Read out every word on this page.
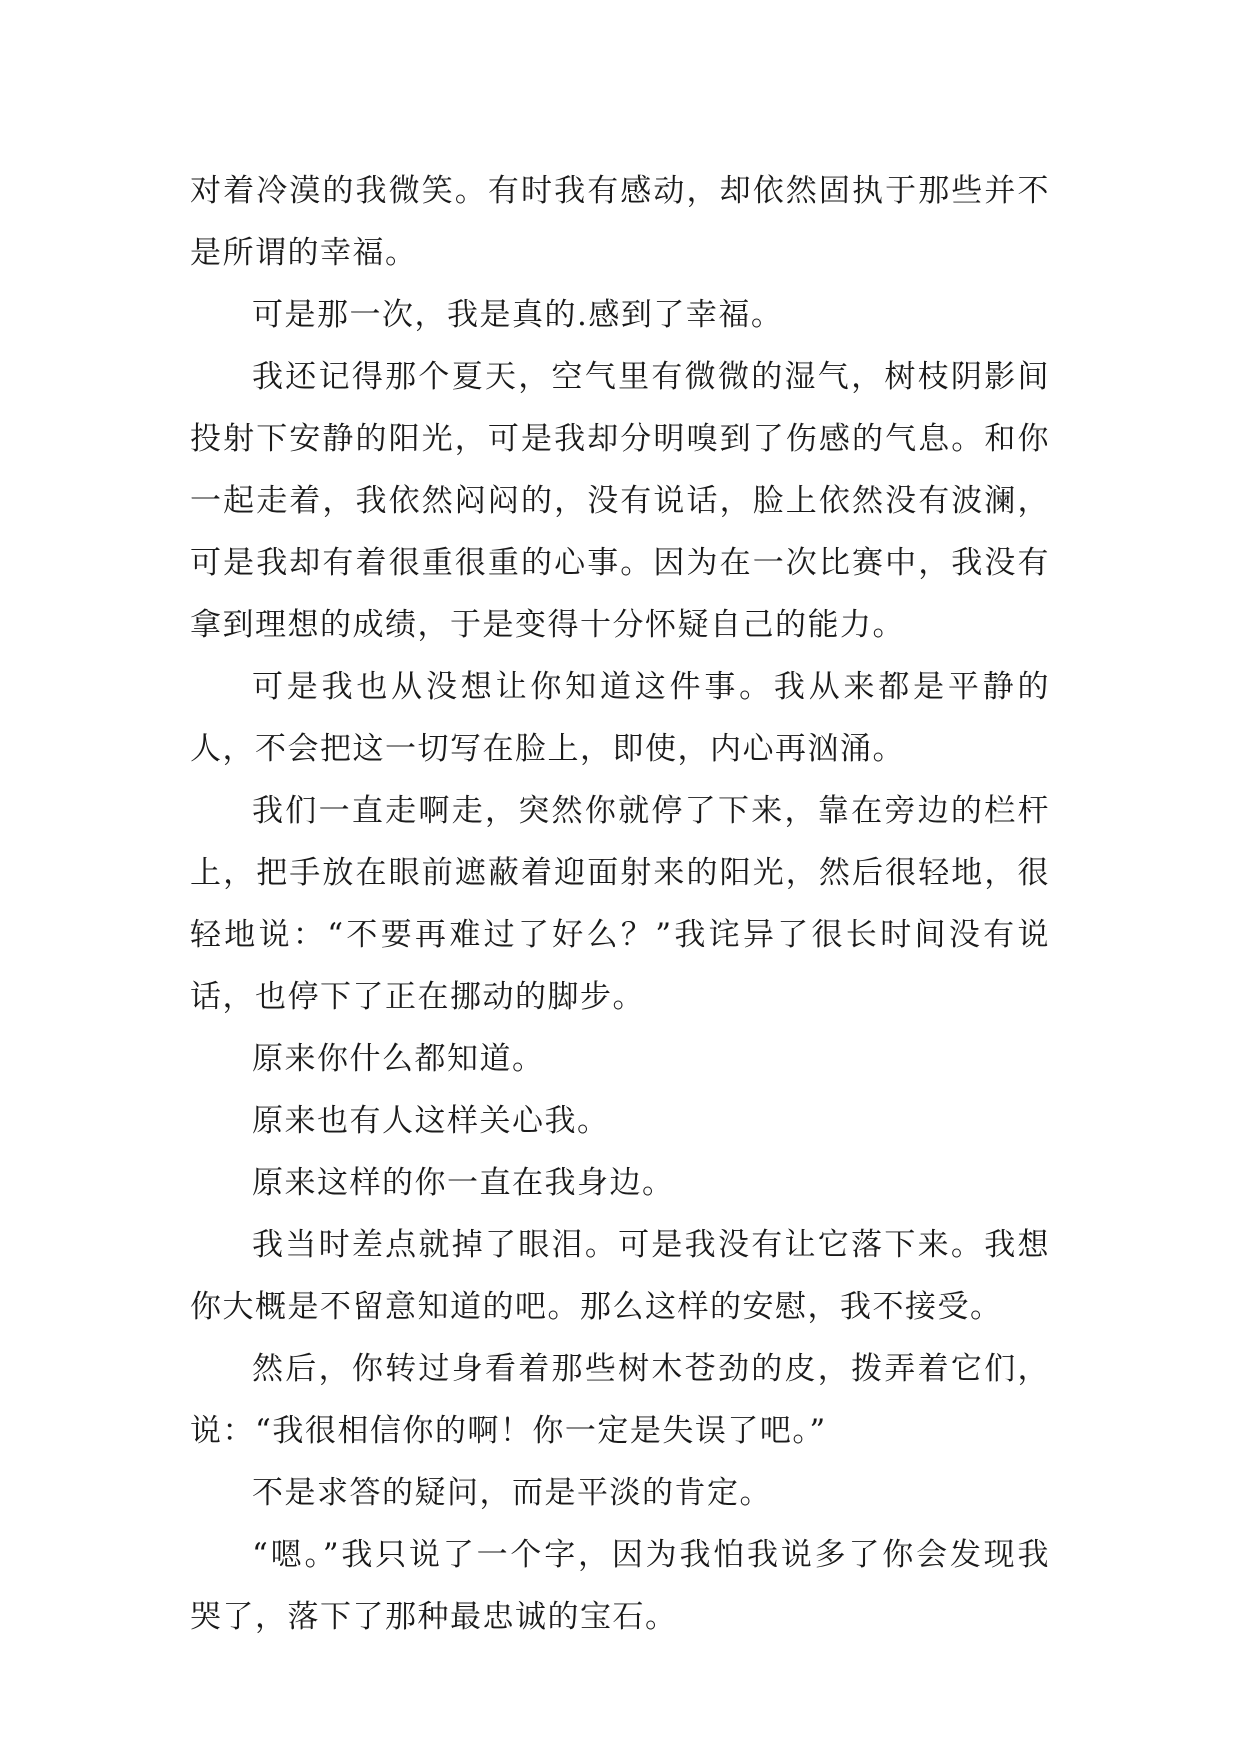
对着冷漠的我微笑。有时我有感动，却依然固执于那些并不是所谓的幸福。

可是那一次，我是真的.感到了幸福。

我还记得那个夏天，空气里有微微的湿气，树枝阴影间投射下安静的阳光，可是我却分明嗅到了伤感的气息。和你一起走着，我依然闷闷的，没有说话，脸上依然没有波澜，可是我却有着很重很重的心事。因为在一次比赛中，我没有拿到理想的成绩，于是变得十分怀疑自己的能力。

可是我也从没想让你知道这件事。我从来都是平静的人，不会把这一切写在脸上，即使，内心再汹涌。

我们一直走啊走，突然你就停了下来，靠在旁边的栏杆上，把手放在眼前遮蔽着迎面射来的阳光，然后很轻地，很轻地说：“不要再难过了好么？”我诧异了很长时间没有说话，也停下了正在挪动的脚步。

原来你什么都知道。

原来也有人这样关心我。

原来这样的你一直在我身边。

我当时差点就掉了眼泪。可是我没有让它落下来。我想你大概是不留意知道的吧。那么这样的安慰，我不接受。

然后，你转过身看着那些树木苍劲的皮，拨弄着它们，说：“我很相信你的啊！你一定是失误了吧。”

不是求答的疑问，而是平淡的肯定。

“嗯。”我只说了一个字，因为我怕我说多了你会发现我哭了，落下了那种最忠诚的宝石。
